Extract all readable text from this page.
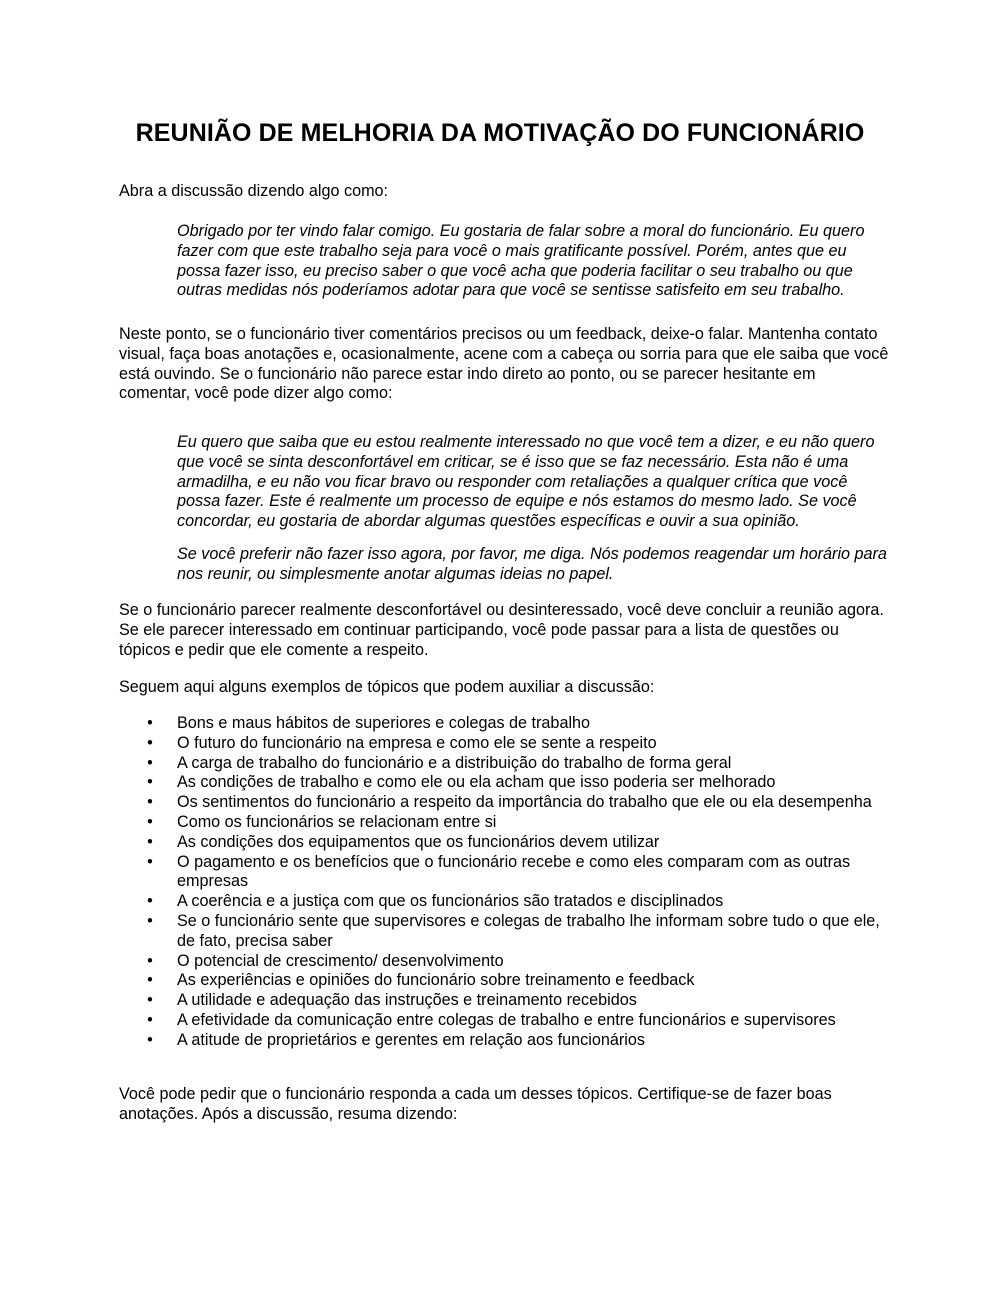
REUNIÃO DE MELHORIA DA MOTIVAÇÃO DO FUNCIONÁRIO

Abra a discussão dizendo algo como:

Obrigado por ter vindo falar comigo. Eu gostaria de falar sobre a moral do funcionário. Eu quero fazer com que este trabalho seja para você o mais gratificante possível. Porém, antes que eu possa fazer isso, eu preciso saber o que você acha que poderia facilitar o seu trabalho ou que outras medidas nós poderíamos adotar para que você se sentisse satisfeito em seu trabalho.

Neste ponto, se o funcionário tiver comentários precisos ou um feedback, deixe-o falar. Mantenha contato visual, faça boas anotações e, ocasionalmente, acene com a cabeça ou sorria para que ele saiba que você está ouvindo. Se o funcionário não parece estar indo direto ao ponto, ou se parecer hesitante em comentar, você pode dizer algo como:

Eu quero que saiba que eu estou realmente interessado no que você tem a dizer, e eu não quero que você se sinta desconfortável em criticar, se é isso que se faz necessário. Esta não é uma armadilha, e eu não vou ficar bravo ou responder com retaliações a qualquer crítica que você possa fazer. Este é realmente um processo de equipe e nós estamos do mesmo lado. Se você concordar, eu gostaria de abordar algumas questões específicas e ouvir a sua opinião.

Se você preferir não fazer isso agora, por favor, me diga. Nós podemos reagendar um horário para nos reunir, ou simplesmente anotar algumas ideias no papel.

Se o funcionário parecer realmente desconfortável ou desinteressado, você deve concluir a reunião agora. Se ele parecer interessado em continuar participando, você pode passar para a lista de questões ou tópicos e pedir que ele comente a respeito.

Seguem aqui alguns exemplos de tópicos que podem auxiliar a discussão:

• Bons e maus hábitos de superiores e colegas de trabalho
• O futuro do funcionário na empresa e como ele se sente a respeito
• A carga de trabalho do funcionário e a distribuição do trabalho de forma geral
• As condições de trabalho e como ele ou ela acham que isso poderia ser melhorado
• Os sentimentos do funcionário a respeito da importância do trabalho que ele ou ela desempenha
• Como os funcionários se relacionam entre si
• As condições dos equipamentos que os funcionários devem utilizar
• O pagamento e os benefícios que o funcionário recebe e como eles comparam com as outras empresas
• A coerência e a justiça com que os funcionários são tratados e disciplinados
• Se o funcionário sente que supervisores e colegas de trabalho lhe informam sobre tudo o que ele, de fato, precisa saber
• O potencial de crescimento/ desenvolvimento
• As experiências e opiniões do funcionário sobre treinamento e feedback
• A utilidade e adequação das instruções e treinamento recebidos
• A efetividade da comunicação entre colegas de trabalho e entre funcionários e supervisores
• A atitude de proprietários e gerentes em relação aos funcionários

Você pode pedir que o funcionário responda a cada um desses tópicos. Certifique-se de fazer boas anotações. Após a discussão, resuma dizendo:
